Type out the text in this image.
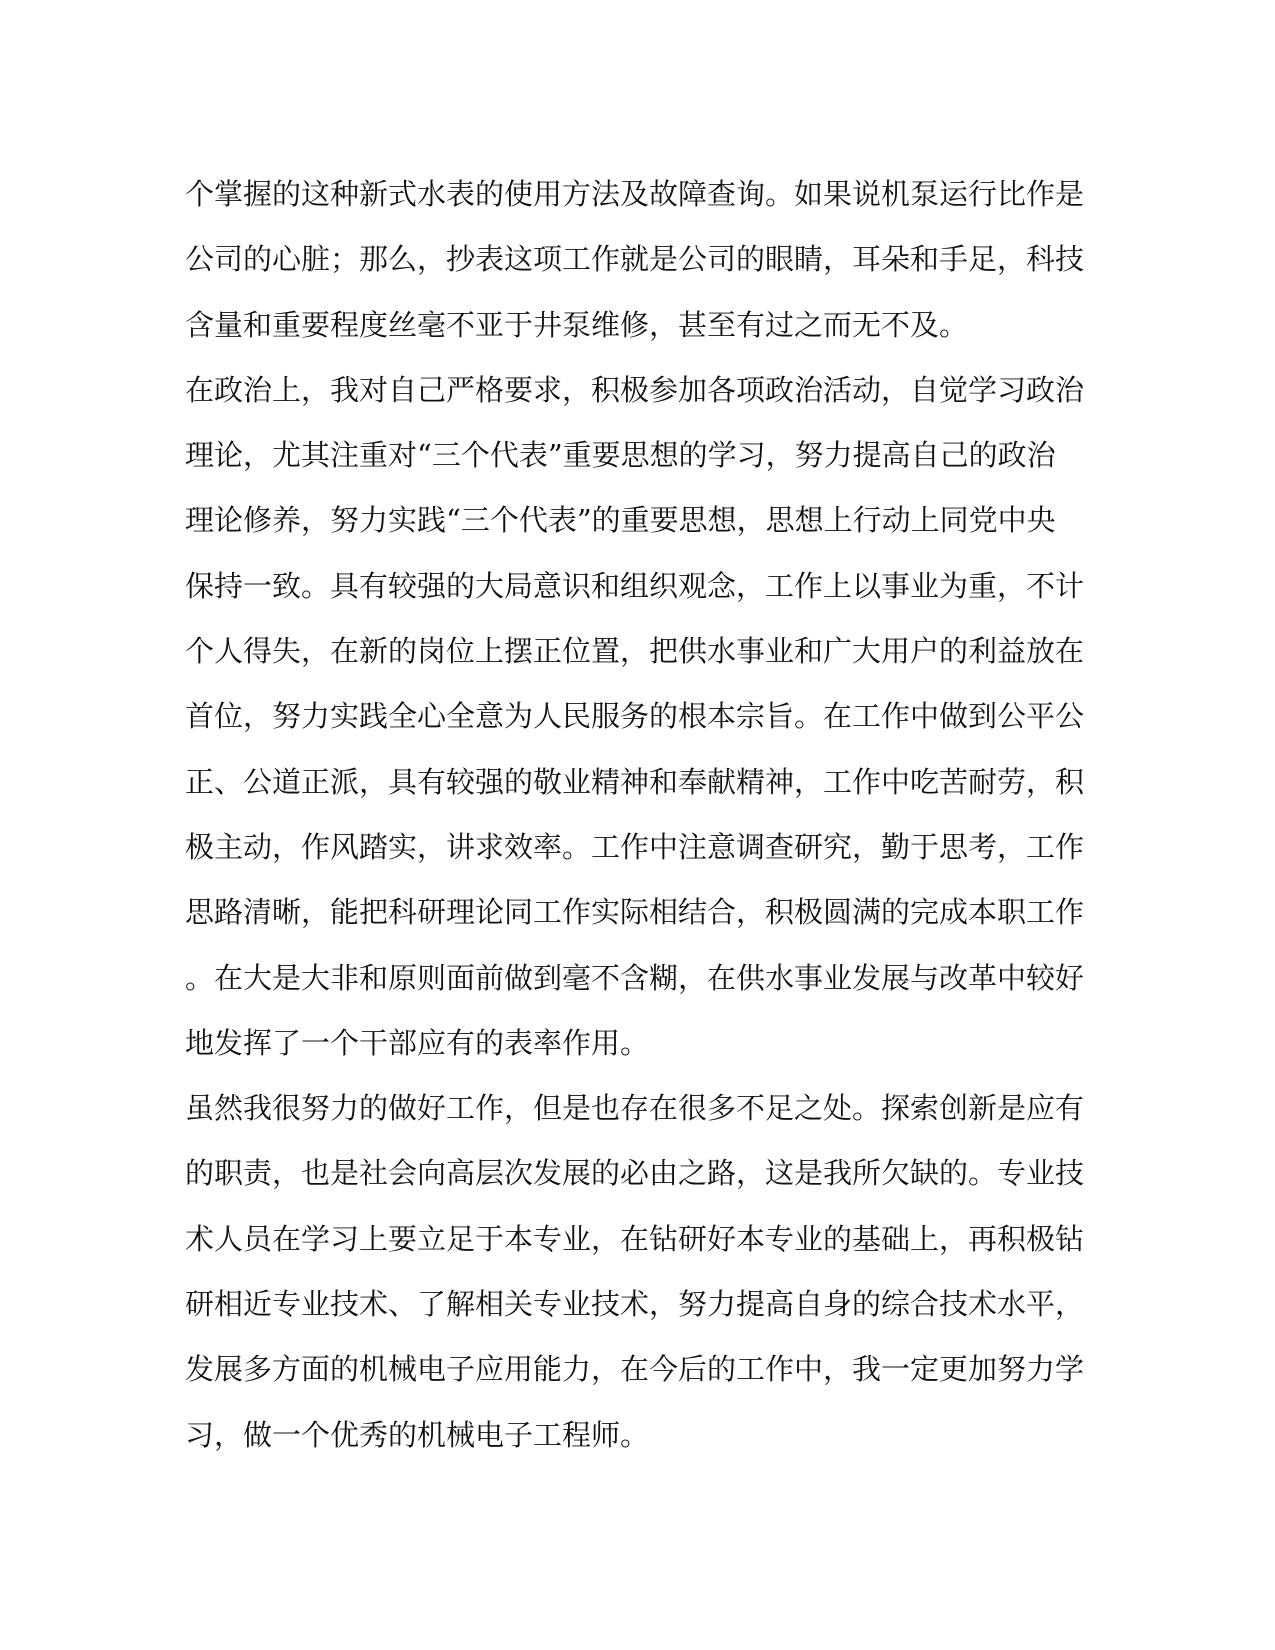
个掌握的这种新式水表的使用方法及故障查询。如果说机泵运行比作是
公司的心脏；那么，抄表这项工作就是公司的眼睛，耳朵和手足，科技
含量和重要程度丝毫不亚于井泵维修，甚至有过之而无不及。
在政治上，我对自己严格要求，积极参加各项政治活动，自觉学习政治
理论，尤其注重对“三个代表”重要思想的学习，努力提高自己的政治
理论修养，努力实践“三个代表”的重要思想，思想上行动上同党中央
保持一致。具有较强的大局意识和组织观念，工作上以事业为重，不计
个人得失，在新的岗位上摆正位置，把供水事业和广大用户的利益放在
首位，努力实践全心全意为人民服务的根本宗旨。在工作中做到公平公
正、公道正派，具有较强的敬业精神和奉献精神，工作中吃苦耐劳，积
极主动，作风踏实，讲求效率。工作中注意调查研究，勤于思考，工作
思路清晰，能把科研理论同工作实际相结合，积极圆满的完成本职工作
。在大是大非和原则面前做到毫不含糊，在供水事业发展与改革中较好
地发挥了一个干部应有的表率作用。
虽然我很努力的做好工作，但是也存在很多不足之处。探索创新是应有
的职责，也是社会向高层次发展的必由之路，这是我所欠缺的。专业技
术人员在学习上要立足于本专业，在钻研好本专业的基础上，再积极钻
研相近专业技术、了解相关专业技术，努力提高自身的综合技术水平，
发展多方面的机械电子应用能力，在今后的工作中，我一定更加努力学
习，做一个优秀的机械电子工程师。
